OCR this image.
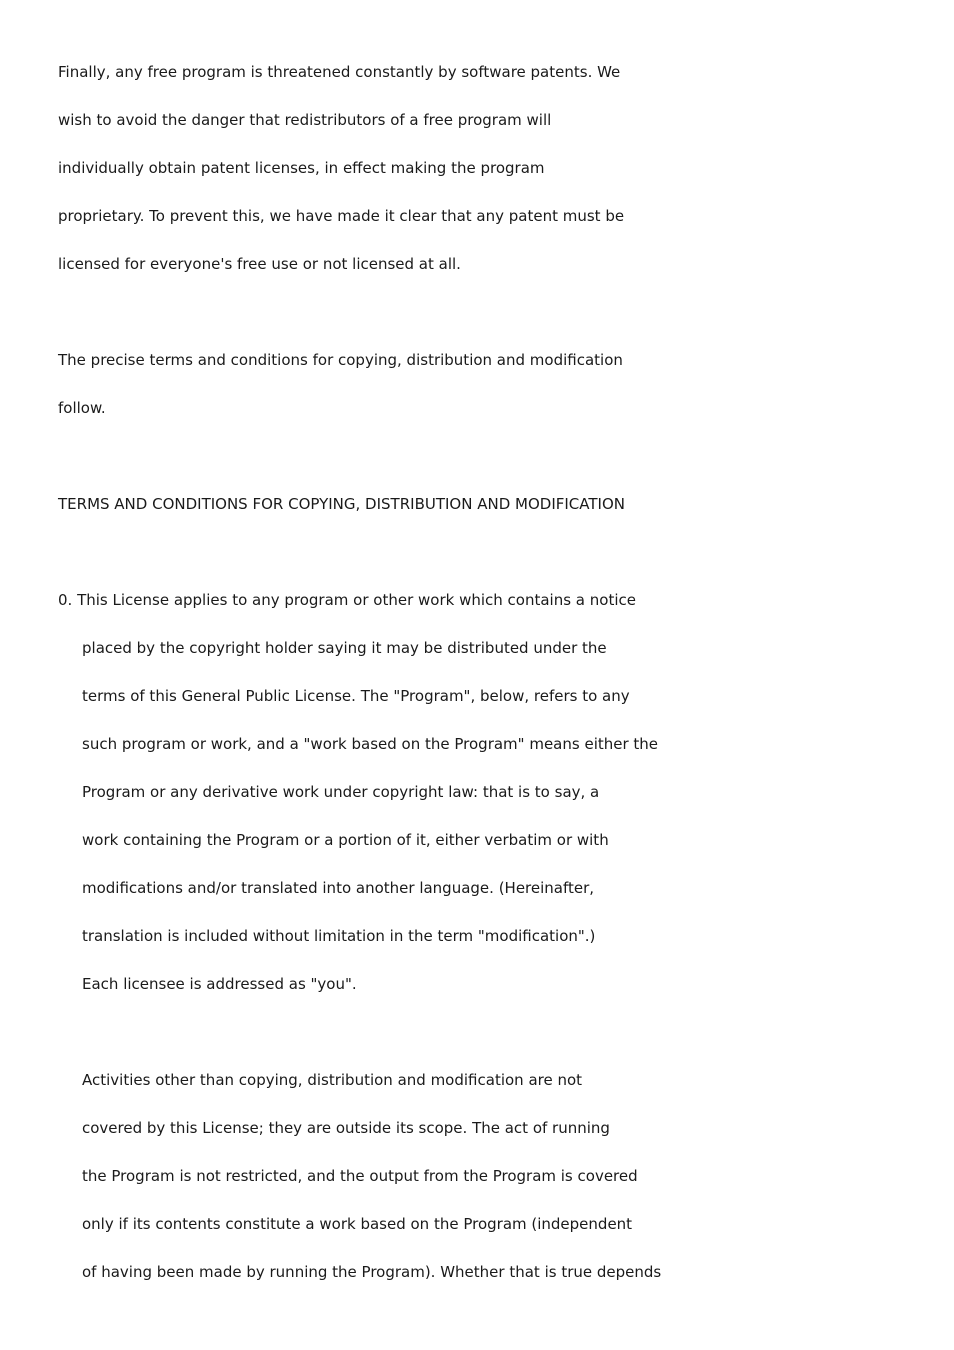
Finally, any free program is threatened constantly by software patents. We
wish to avoid the danger that redistributors of a free program will
individually obtain patent licenses, in effect making the program
proprietary. To prevent this, we have made it clear that any patent must be
licensed for everyone's free use or not licensed at all.
The precise terms and conditions for copying, distribution and modification
follow.
TERMS AND CONDITIONS FOR COPYING, DISTRIBUTION AND MODIFICATION
0. This License applies to any program or other work which contains a notice
placed by the copyright holder saying it may be distributed under the
terms of this General Public License. The "Program", below, refers to any
such program or work, and a "work based on the Program" means either the
Program or any derivative work under copyright law: that is to say, a
work containing the Program or a portion of it, either verbatim or with
modifications and/or translated into another language. (Hereinafter,
translation is included without limitation in the term "modification".)
Each licensee is addressed as "you".
Activities other than copying, distribution and modification are not
covered by this License; they are outside its scope. The act of running
the Program is not restricted, and the output from the Program is covered
only if its contents constitute a work based on the Program (independent
of having been made by running the Program). Whether that is true depends
